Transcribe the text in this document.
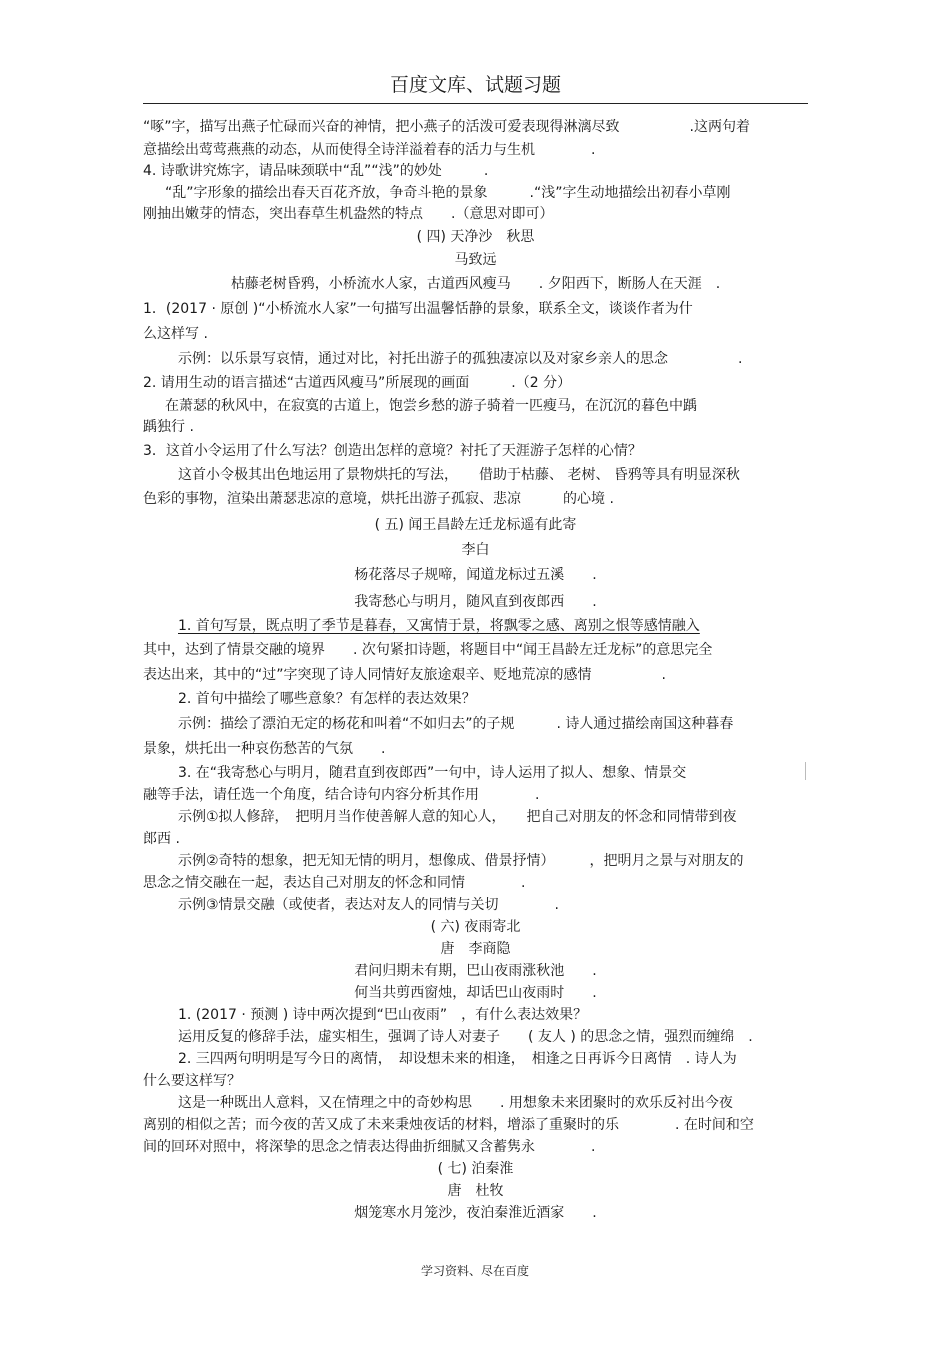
百度文库、试题习题
“啄”字，描写出燕子忙碌而兴奋的神情，把小燕子的活泼可爱表现得淋漓尽致　　　　　.这两句着
意描绘出莺莺燕燕的动态，从而使得全诗洋溢着春的活力与生机　　　　.
4. 诗歌讲究炼字，请品味颈联中“乱”“浅”的妙处　　　.
“乱”字形象的描绘出春天百花齐放，争奇斗艳的景象　　　.“浅”字生动地描绘出初春小草刚
刚抽出嫩芽的情态，突出春草生机盎然的特点　　.（意思对即可）
( 四) 天净沙　秋思
马致远
枯藤老树昏鸦，小桥流水人家，古道西风瘦马　　. 夕阳西下，断肠人在天涯　.
1．(2017 · 原创 )“小桥流水人家”一句描写出温馨恬静的景象，联系全文，谈谈作者为什
么这样写 .
示例：以乐景写哀情，通过对比，衬托出游子的孤独凄凉以及对家乡亲人的思念　　　　　.
2. 请用生动的语言描述“古道西风瘦马”所展现的画面　　　.（2 分）
在萧瑟的秋风中，在寂寞的古道上，饱尝乡愁的游子骑着一匹瘦马，在沉沉的暮色中踽
踽独行 .
3．这首小令运用了什么写法？创造出怎样的意境？衬托了天涯游子怎样的心情？
这首小令极其出色地运用了景物烘托的写法，　　借助于枯藤、 老树、 昏鸦等具有明显深秋
色彩的事物，渲染出萧瑟悲凉的意境，烘托出游子孤寂、悲凉　　　的心境 .
( 五) 闻王昌龄左迁龙标遥有此寄
李白
杨花落尽子规啼，闻道龙标过五溪　　.
我寄愁心与明月，随风直到夜郎西　　.
1. 首句写景，既点明了季节是暮春，又寓情于景，将飘零之感、离别之恨等感情融入
其中，达到了情景交融的境界　　. 次句紧扣诗题，将题目中“闻王昌龄左迁龙标”的意思完全
表达出来，其中的“过”字突现了诗人同情好友旅途艰辛、贬地荒凉的感情　　　　　.
2. 首句中描绘了哪些意象？有怎样的表达效果？
示例：描绘了漂泊无定的杨花和叫着“不如归去”的子规　　　. 诗人通过描绘南国这种暮春
景象，烘托出一种哀伤愁苦的气氛　　.
3. 在“我寄愁心与明月，随君直到夜郎西”一句中，诗人运用了拟人、想象、情景交
融等手法，请任选一个角度，结合诗句内容分析其作用　　　　.
示例①拟人修辞，　把明月当作使善解人意的知心人，　　把自己对朋友的怀念和同情带到夜
郎西 .
示例②奇特的想象，把无知无情的明月，想像成、借景抒情）　　　，把明月之景与对朋友的
思念之情交融在一起，表达自己对朋友的怀念和同情　　　　.
示例③情景交融（或使者，表达对友人的同情与关切　　　　.
( 六) 夜雨寄北
唐　李商隐
君问归期未有期，巴山夜雨涨秋池　　.
何当共剪西窗烛，却话巴山夜雨时　　.
1. (2017 · 预测 ) 诗中两次提到“巴山夜雨”　，有什么表达效果？
运用反复的修辞手法，虚实相生，强调了诗人对妻子　　( 友人 ) 的思念之情，强烈而缠绵　.
2. 三四两句明明是写今日的离情，　却设想未来的相逢，　相逢之日再诉今日离情　. 诗人为
什么要这样写？
这是一种既出人意料，又在情理之中的奇妙构思　　. 用想象未来团聚时的欢乐反衬出今夜
离别的相似之苦；而今夜的苦又成了未来秉烛夜话的材料，增添了重聚时的乐　　　　. 在时间和空
间的回环对照中，将深挚的思念之情表达得曲折细腻又含蓄隽永　　　　.
( 七) 泊秦淮
唐　杜牧
烟笼寒水月笼沙，夜泊秦淮近酒家　　.
学习资料、尽在百度
